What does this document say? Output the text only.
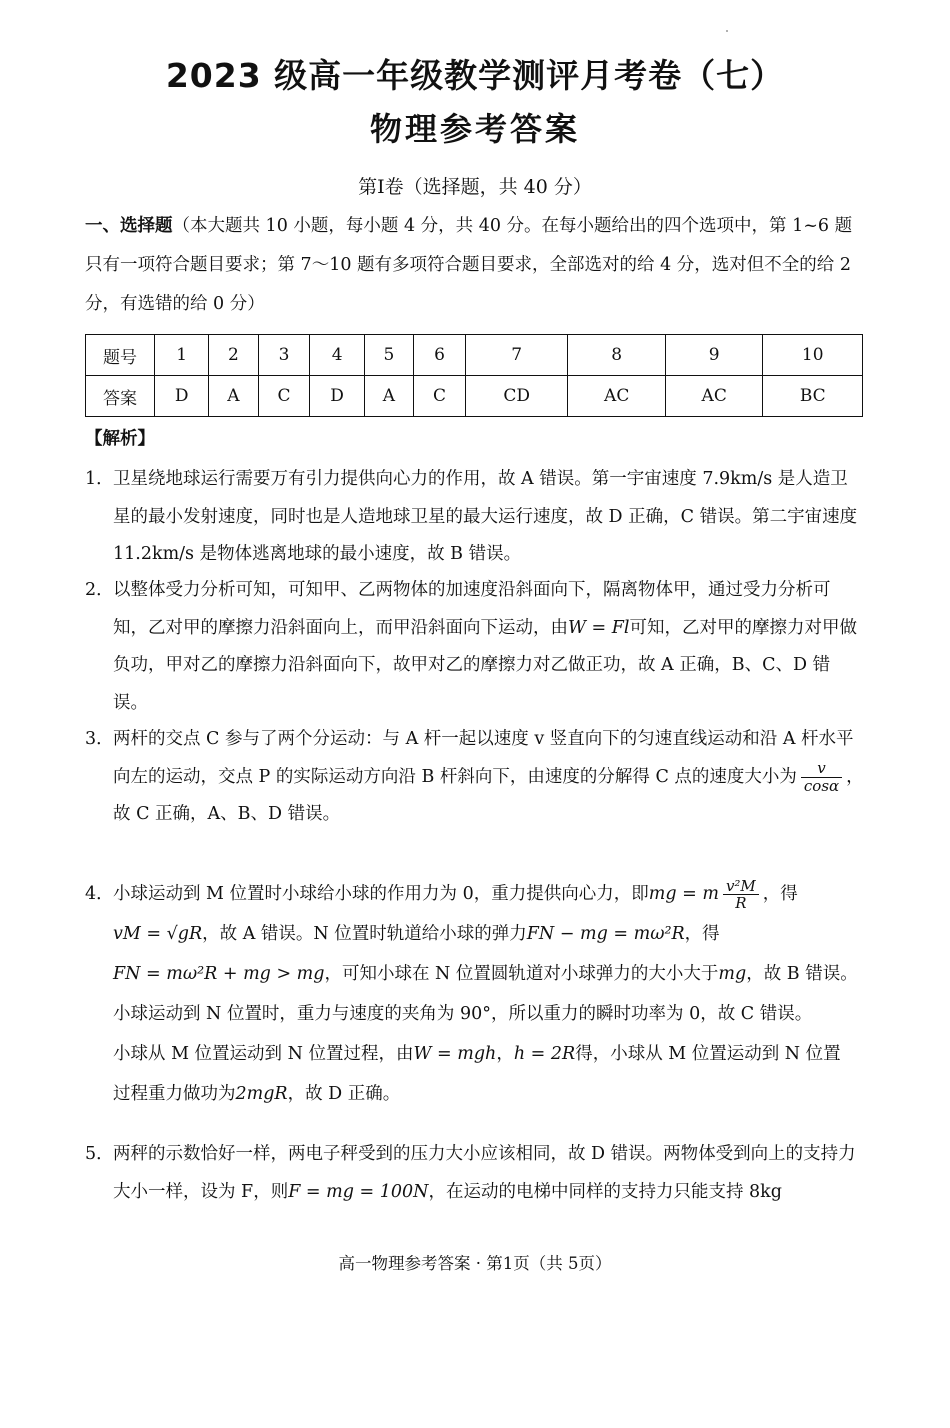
2023 级高一年级教学测评月考卷（七）
物理参考答案
第Ⅰ卷（选择题，共 40 分）
一、选择题（本大题共 10 小题，每小题 4 分，共 40 分。在每小题给出的四个选项中，第 1~6 题只有一项符合题目要求；第 7～10 题有多项符合题目要求，全部选对的给 4 分，选对但不全的给 2 分，有选错的给 0 分）
题号	1	2	3	4	5	6	7	8	9	10
答案	D	A	C	D	A	C	CD	AC	AC	BC
【解析】
1． 卫星绕地球运行需要万有引力提供向心力的作用，故 A 错误。第一宇宙速度 7.9km/s 是人造卫星的最小发射速度，同时也是人造地球卫星的最大运行速度，故 D 正确，C 错误。第二宇宙速度 11.2km/s 是物体逃离地球的最小速度，故 B 错误。
2． 以整体受力分析可知，可知甲、乙两物体的加速度沿斜面向下，隔离物体甲，通过受力分析可知，乙对甲的摩擦力沿斜面向上，而甲沿斜面向下运动，由W = Fl可知，乙对甲的摩擦力对甲做负功，甲对乙的摩擦力沿斜面向下，故甲对乙的摩擦力对乙做正功，故 A 正确，B、C、D 错误。
3． 两杆的交点 C 参与了两个分运动：与 A 杆一起以速度 v 竖直向下的匀速直线运动和沿 A 杆水平向左的运动，交点 P 的实际运动方向沿 B 杆斜向下，由速度的分解得 C 点的速度大小为 $\frac{v}{\cos\alpha}$ ，故 C 正确，A、B、D 错误。
4． 小球运动到 M 位置时小球给小球的作用力为 0，重力提供向心力，即mg = m $\frac{\text{v²M}}{R}$ ，得
vM = √gR，故 A 错误。N 位置时轨道给小球的弹力FN − mg = mω²R，得
FN = mω²R + mg > mg，可知小球在 N 位置圆轨道对小球弹力的大小大于mg，故 B 错误。
小球运动到 N 位置时，重力与速度的夹角为 90°，所以重力的瞬时功率为 0，故 C 错误。
小球从 M 位置运动到 N 位置过程，由W = mgh，h = 2R得，小球从 M 位置运动到 N 位置
过程重力做功为2mgR，故 D 正确。
5． 两秤的示数恰好一样，两电子秤受到的压力大小应该相同，故 D 错误。两物体受到向上的支持力大小一样，设为 F，则F = mg = 100N，在运动的电梯中同样的支持力只能支持 8kg
高一物理参考答案 · 第1页（共 5页）
